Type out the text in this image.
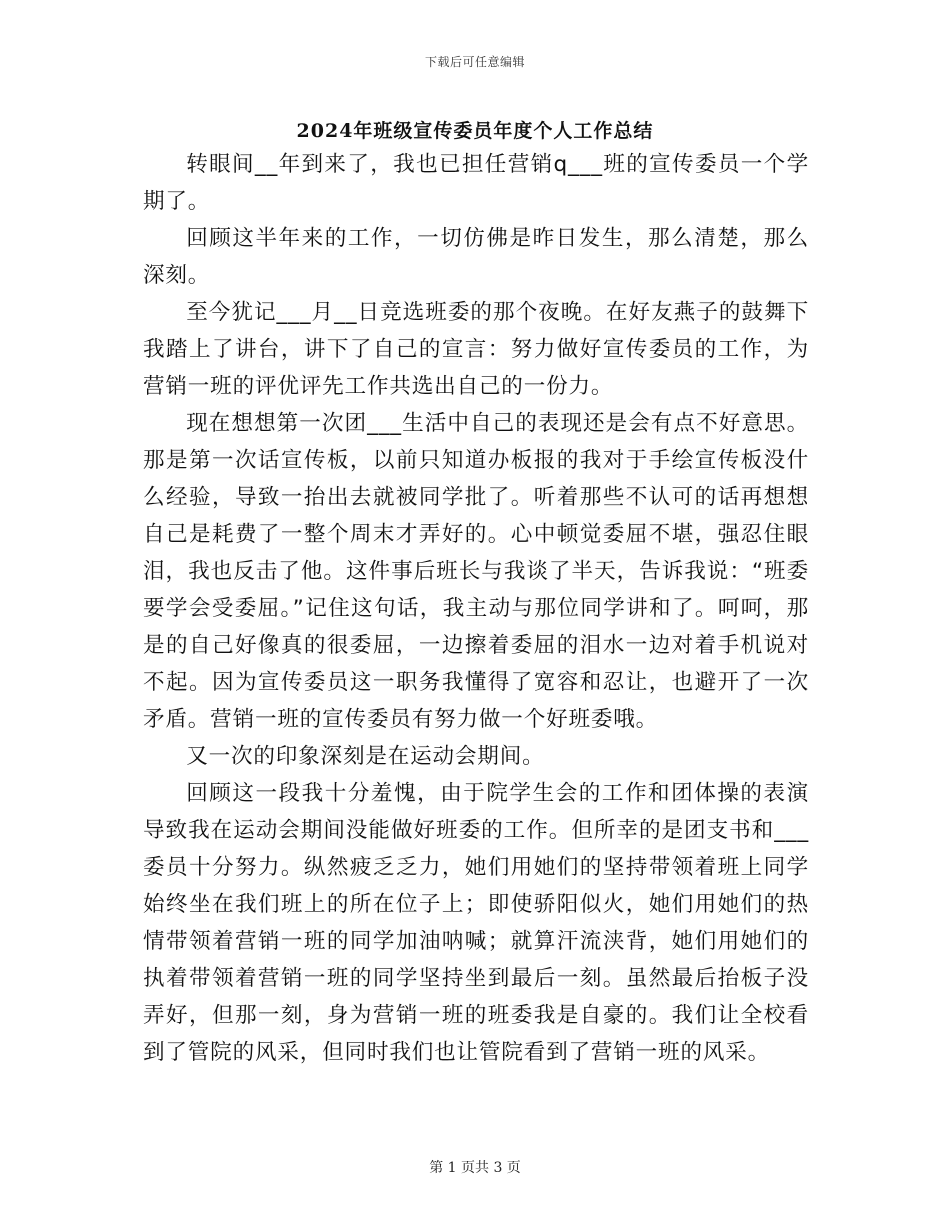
下载后可任意编辑
2024年班级宣传委员年度个人工作总结

转眼间__年到来了，我也已担任营销q___班的宣传委员一个学期了。

回顾这半年来的工作，一切仿佛是昨日发生，那么清楚，那么深刻。

至今犹记___月__日竞选班委的那个夜晚。在好友燕子的鼓舞下我踏上了讲台，讲下了自己的宣言：努力做好宣传委员的工作，为营销一班的评优评先工作共选出自己的一份力。

现在想想第一次团___生活中自己的表现还是会有点不好意思。那是第一次话宣传板，以前只知道办板报的我对于手绘宣传板没什么经验，导致一抬出去就被同学批了。听着那些不认可的话再想想自己是耗费了一整个周末才弄好的。心中顿觉委屈不堪，强忍住眼泪，我也反击了他。这件事后班长与我谈了半天，告诉我说：“班委要学会受委屈。”记住这句话，我主动与那位同学讲和了。呵呵，那是的自己好像真的很委屈，一边擦着委屈的泪水一边对着手机说对不起。因为宣传委员这一职务我懂得了宽容和忍让，也避开了一次矛盾。营销一班的宣传委员有努力做一个好班委哦。

又一次的印象深刻是在运动会期间。

回顾这一段我十分羞愧，由于院学生会的工作和团体操的表演导致我在运动会期间没能做好班委的工作。但所幸的是团支书和___委员十分努力。纵然疲乏乏力，她们用她们的坚持带领着班上同学始终坐在我们班上的所在位子上；即使骄阳似火，她们用她们的热情带领着营销一班的同学加油呐喊；就算汗流浃背，她们用她们的执着带领着营销一班的同学坚持坐到最后一刻。虽然最后抬板子没弄好，但那一刻，身为营销一班的班委我是自豪的。我们让全校看到了管院的风采，但同时我们也让管院看到了营销一班的风采。

第 1 页共 3 页
